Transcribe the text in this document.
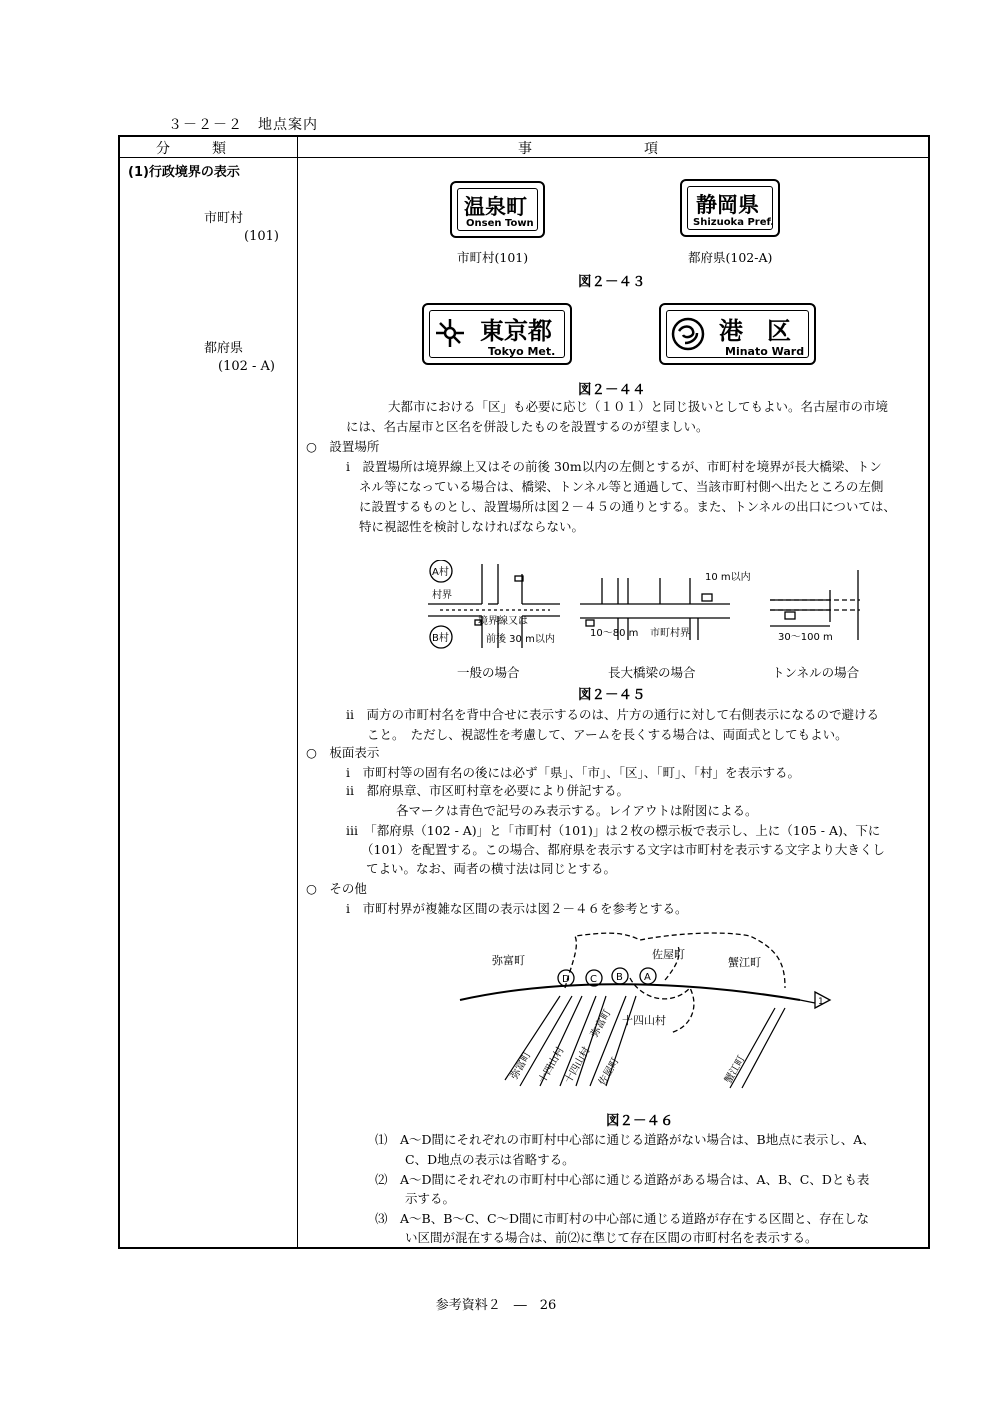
３－２－２　地点案内
分　　　類	事　　　　　　　　項
(1)行政境界の表示
市町村
(101)
都府県
(102 - A)
温泉町
Onsen Town
静岡県
Shizuoka Pref.
市町村(101)	都府県(102-A)
図２－４３
東京都
Tokyo Met.
港　区
Minato Ward
図２－４４
大都市における「区」も必要に応じ（１０１）と同じ扱いとしてもよい。名古屋市の市境
には、名古屋市と区名を併設したものを設置するのが望ましい。
○　設置場所
ⅰ　設置場所は境界線上又はその前後 30m以内の左側とするが、市町村を境界が長大橋梁、トン
ネル等になっている場合は、橋梁、トンネル等と通過して、当該市町村側へ出たところの左側
に設置するものとし、設置場所は図２－４５の通りとする。また、トンネルの出口については、
特に視認性を検討しなければならない。
A村
B村
村界
境界線又は
前後 30 m以内
10 m以内
10～80 m 市町村界	30～100 m
一般の場合	長大橋梁の場合	トンネルの場合
図２－４５
ⅱ　両方の市町村名を背中合せに表示するのは、片方の通行に対して右側表示になるので避ける
こと。　ただし、視認性を考慮して、アームを長くする場合は、両面式としてもよい。
○　板面表示
ⅰ　市町村等の固有名の後には必ず「県」、「市」、「区」、「町」、「村」を表示する。
ⅱ　都府県章、市区町村章を必要により併記する。
各マークは青色で記号のみ表示する。レイアウトは附図による。
ⅲ　「都府県（102 - A)」と「市町村（101)」は２枚の標示板で表示し、上に（105 - A)、下に
（101）を配置する。この場合、都府県を表示する文字は市町村を表示する文字より大きくし
てよい。なお、両者の横寸法は同じとする。
○　その他
ⅰ　市町村界が複雑な区間の表示は図２－４６を参考とする。
弥富町	佐屋町
蟹江町
十四山村
D C B A
1
弥富町 十四山村
十四山村 佐屋町
弥富町
蟹江町
図２－４６
⑴　A～D間にそれぞれの市町村中心部に通じる道路がない場合は、B地点に表示し、A、
C、D地点の表示は省略する。
⑵　A～D間にそれぞれの市町村中心部に通じる道路がある場合は、A、B、C、Dとも表
示する。
⑶　A～B、B～C、C～D間に市町村の中心部に通じる道路が存在する区間と、存在しな
い区間が混在する場合は、前⑵に準じて存在区間の市町村名を表示する。
参考資料２　―　26
